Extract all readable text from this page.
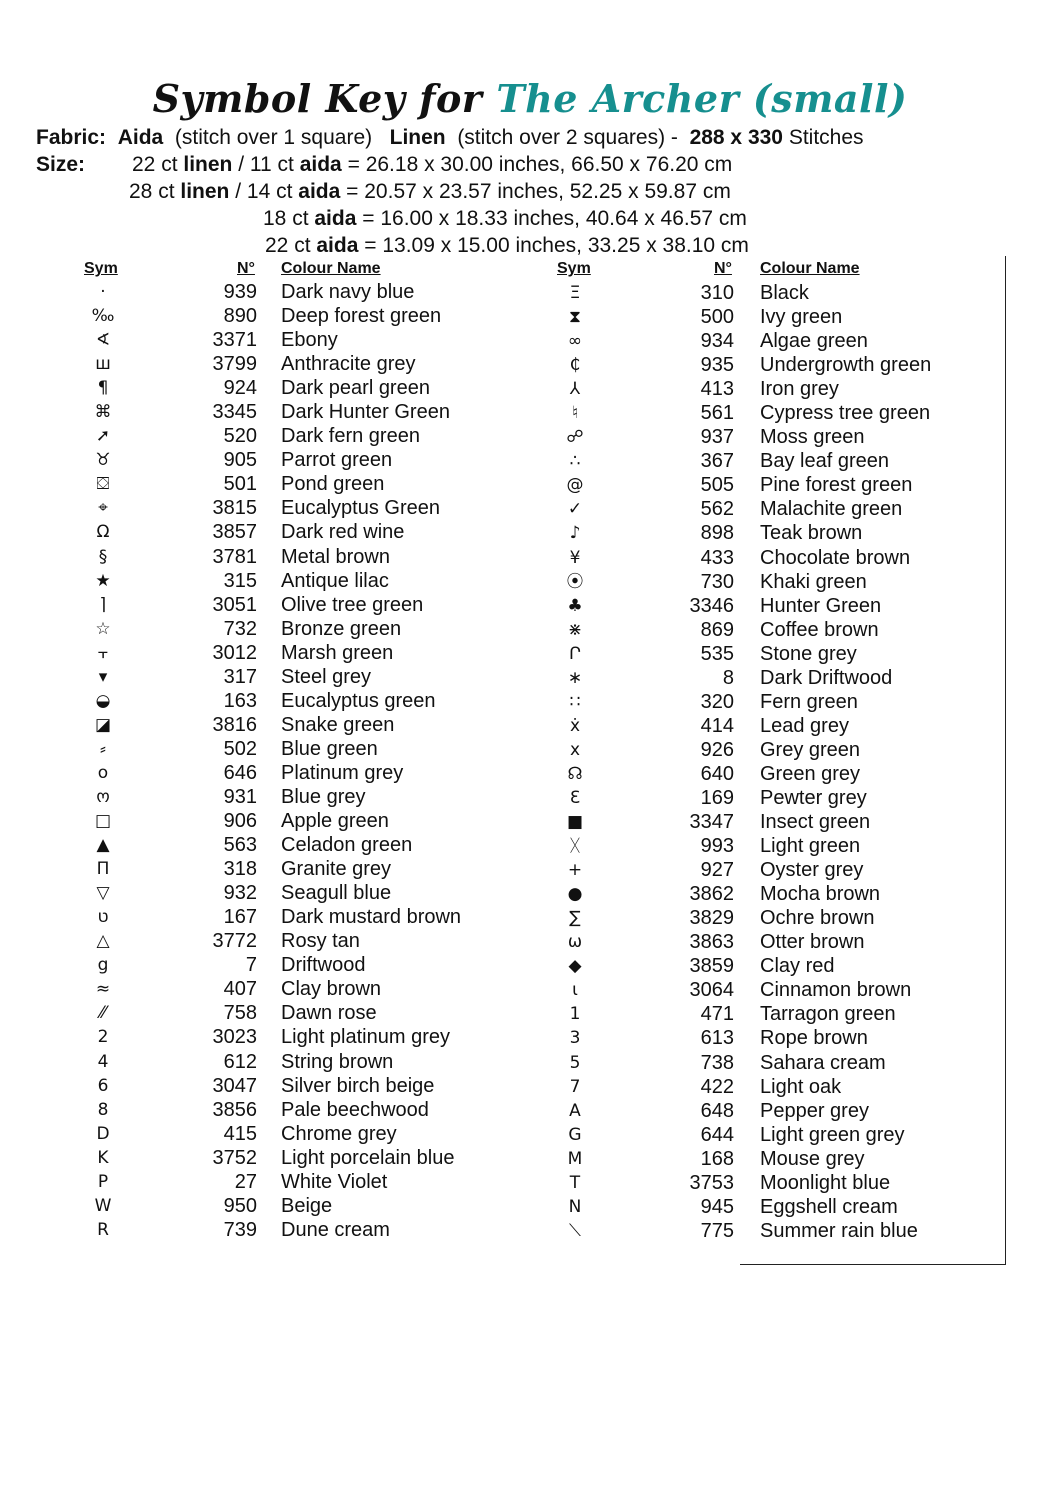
Symbol Key for The Archer (small)
Fabric: Aida (stitch over 1 square) Linen (stitch over 2 squares) - 288 x 330 Stitches
Size: 22 ct linen / 11 ct aida = 26.18 x 30.00 inches, 66.50 x 76.20 cm
28 ct linen / 14 ct aida = 20.57 x 23.57 inches, 52.25 x 59.87 cm
18 ct aida = 16.00 x 18.33 inches, 40.64 x 46.57 cm
22 ct aida = 13.09 x 15.00 inches, 33.25 x 38.10 cm
Sym	N° Colour Name	Sym	N° Colour Name
·	939 Dark navy blue
‰	890 Deep forest green
∢	3371 Ebony
ш	3799 Anthracite grey
¶	924 Dark pearl green
⌘	3345 Dark Hunter Green
➚	520 Dark fern green
♉	905 Parrot green
⛋	501 Pond green
⌖	3815 Eucalyptus Green
Ω	3857 Dark red wine
§	3781 Metal brown
★	315 Antique lilac
⌉	3051 Olive tree green
☆	732 Bronze green
⫟	3012 Marsh green
▾	317 Steel grey
◒	163 Eucalyptus green
◪	3816 Snake green
⸗	502 Blue green
o	646 Platinum grey
ო	931 Blue grey
□	906 Apple green
▲	563 Celadon green
Π	318 Granite grey
▽	932 Seagull blue
ט	167 Dark mustard brown
△	3772 Rosy tan
g	7 Driftwood
≈	407 Clay brown
⁄⁄	758 Dawn rose
2	3023 Light platinum grey
4	612 String brown
6	3047 Silver birch beige
8	3856 Pale beechwood
D	415 Chrome grey
K	3752 Light porcelain blue
P	27 White Violet
W	950 Beige
R	739 Dune cream
Ξ	310 Black
⧗	500 Ivy green
∞	934 Algae green
₵	935 Undergrowth green
⅄	413 Iron grey
♮	561 Cypress tree green
☍	937 Moss green
∴	367 Bay leaf green
@	505 Pine forest green
✓	562 Malachite green
♪	898 Teak brown
¥	433 Chocolate brown
⦿	730 Khaki green
♣	3346 Hunter Green
⋇	869 Coffee brown
Ր	535 Stone grey
∗	8 Dark Driftwood
∷	320 Fern green
ẋ	414 Lead grey
x	926 Grey green
☊	640 Green grey
Ɛ	169 Pewter grey
■	3347 Insect green
ᚷ	993 Light green
+	927 Oyster grey
●	3862 Mocha brown
∑	3829 Ochre brown
ω	3863 Otter brown
◆	3859 Clay red
ɩ	3064 Cinnamon brown
1	471 Tarragon green
3	613 Rope brown
5	738 Sahara cream
7	422 Light oak
A	648 Pepper grey
G	644 Light green grey
M	168 Mouse grey
T	3753 Moonlight blue
N	945 Eggshell cream
⟍	775 Summer rain blue
